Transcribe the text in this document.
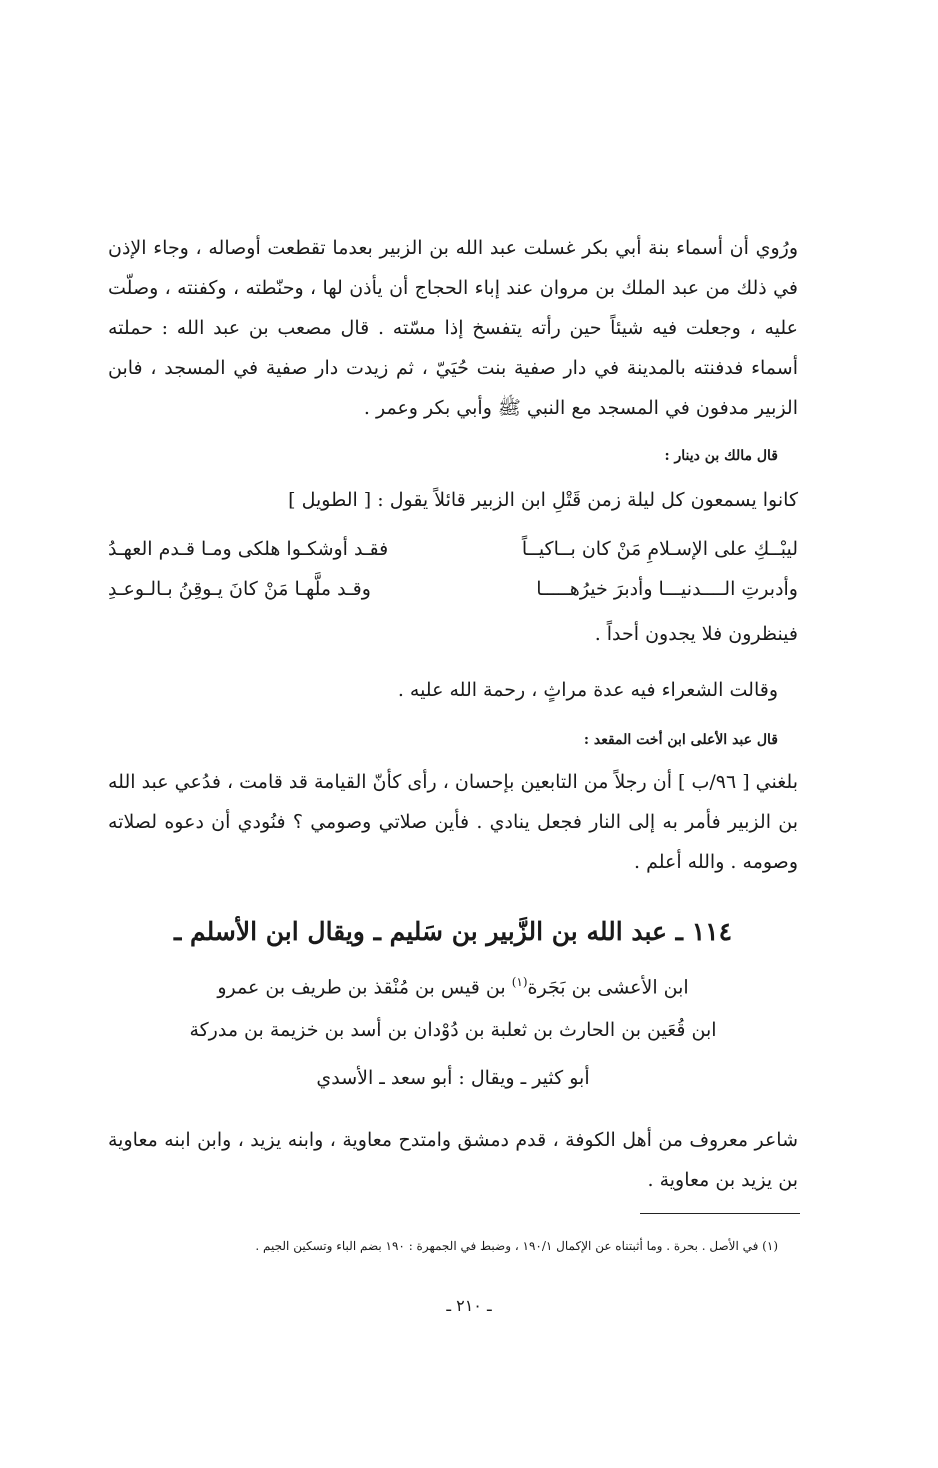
ورُوي أن أسماء بنة أبي بكر غسلت عبد الله بن الزبير بعدما تقطعت أوصاله ، وجاء الإذن في ذلك من عبد الملك بن مروان عند إباء الحجاج أن يأذن لها ، وحنّطته ، وكفنته ، وصلّت عليه ، وجعلت فيه شيئاً حين رأته يتفسخ إذا مسّته . قال مصعب بن عبد الله : حملته أسماء فدفنته بالمدينة في دار صفية بنت حُيَيّ ، ثم زيدت دار صفية في المسجد ، فابن الزبير مدفون في المسجد مع النبي ﷺ وأبي بكر وعمر .

قال مالك بن دينار :

كانوا يسمعون كل ليلة زمن قَتْلِ ابن الزبير قائلاً يقول : [ الطويل ]

ليبْــكِ على الإسـلامِ مَنْ كان بــاكيــاً
فقـد أوشكـوا هلكى ومـا قـدم العهـدُ
وأدبرتِ الــــدنيـــا وأدبرَ خيرُهـــــا
وقـد ملَّهـا مَنْ كانَ يـوقِنُ بـالـوعـدِ

فينظرون فلا يجدون أحداً .

وقالت الشعراء فيه عدة مراثٍ ، رحمة الله عليه .

قال عبد الأعلى ابن أخت المقعد :

بلغني [ ٩٦/ب ] أن رجلاً من التابعين بإحسان ، رأى كأنّ القيامة قد قامت ، فدُعي عبد الله بن الزبير فأمر به إلى النار فجعل ينادي . فأين صلاتي وصومي ؟ فنُودي أن دعوه لصلاته وصومه . والله أعلم .

١١٤ ـ عبد الله بن الزَّبير بن سَليم ـ ويقال ابن الأسلم ـ

ابن الأعشى بن بَجَرة$^{(١)}$ بن قيس بن مُنْقذ بن طريف بن عمرو

ابن قُعَين بن الحارث بن ثعلبة بن دُوْدان بن أسد بن خزيمة بن مدركة

أبو كثير ـ ويقال : أبو سعد ـ الأسدي

شاعر معروف من أهل الكوفة ، قدم دمشق وامتدح معاوية ، وابنه يزيد ، وابن ابنه معاوية بن يزيد بن معاوية .

(١) في الأصل . بحرة . وما أثبتناه عن الإكمال ١٩٠/١ ، وضبط في الجمهرة : ١٩٠ بضم الباء وتسكين الجيم .

ـ ٢١٠ ـ
